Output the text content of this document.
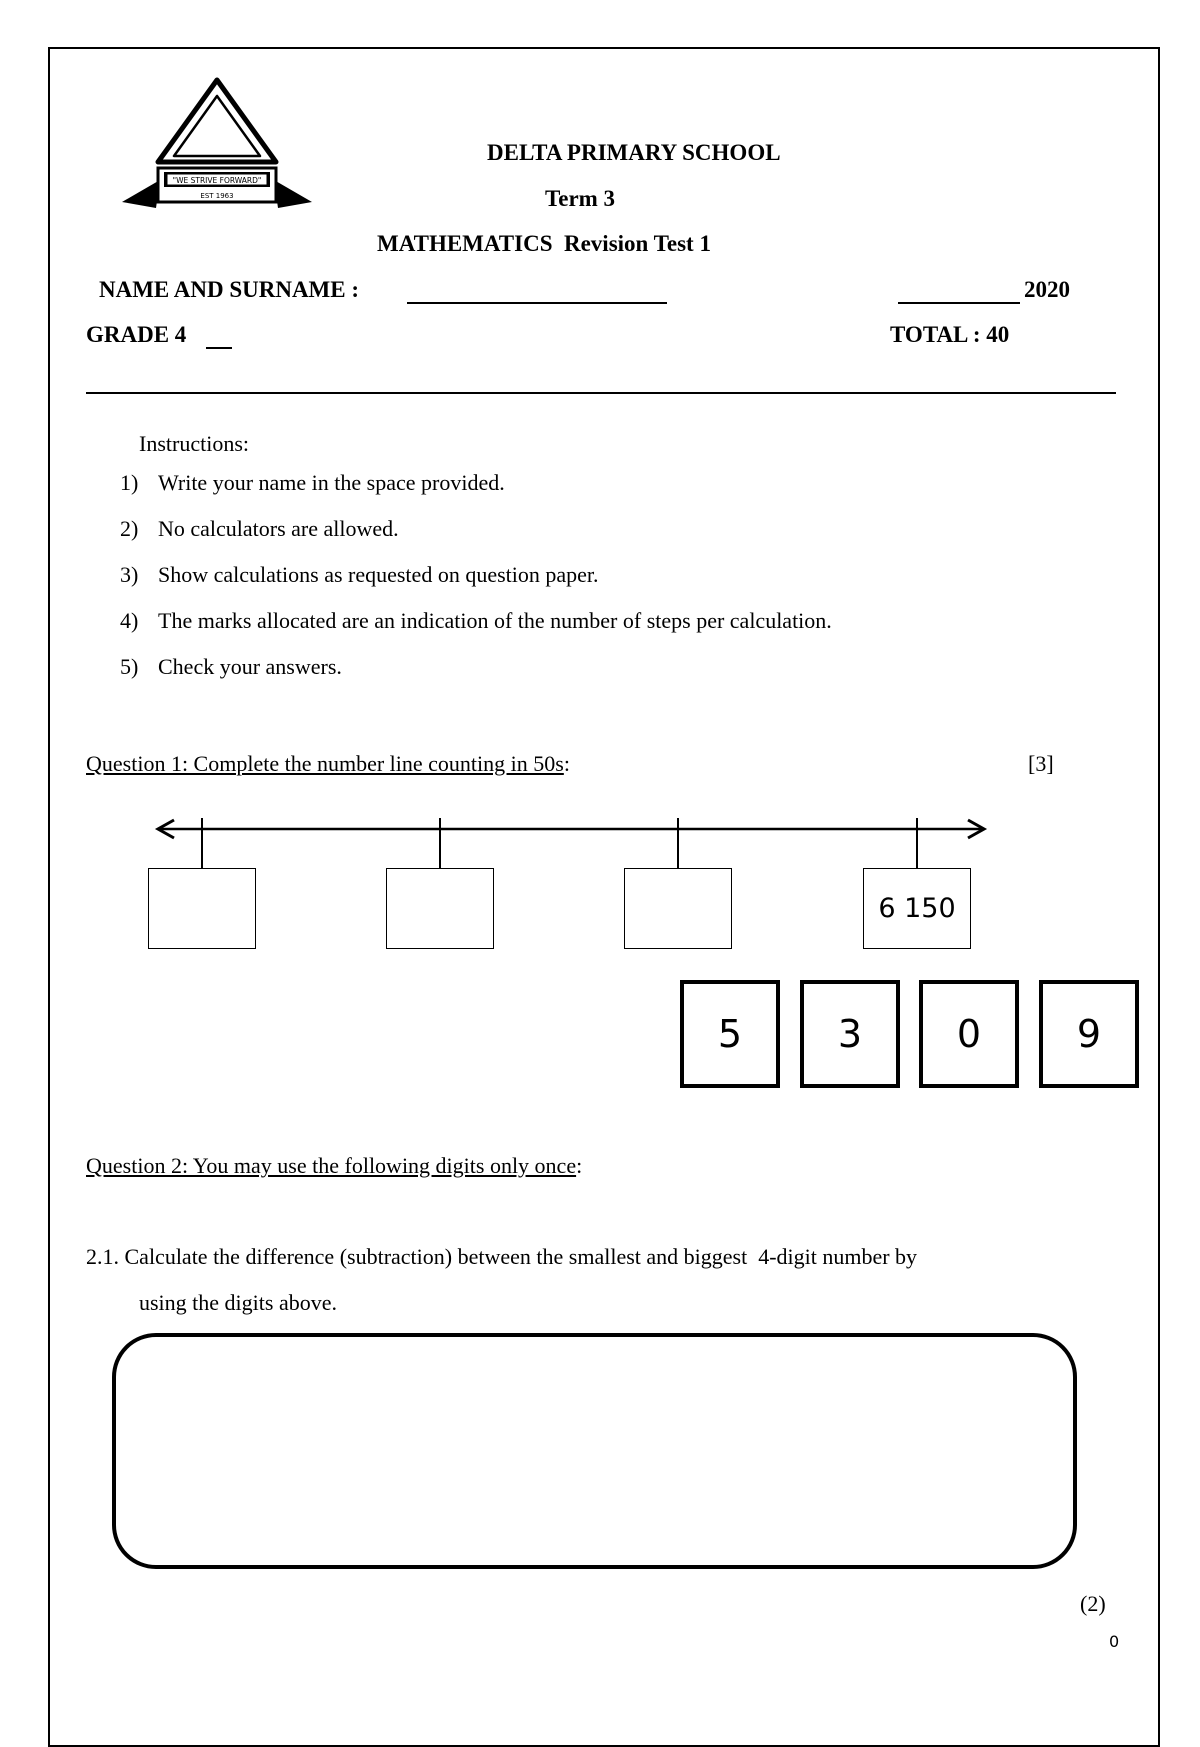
"WE STRIVE FORWARD"
EST 1963
DELTA PRIMARY SCHOOL
Term 3
MATHEMATICS  Revision Test 1
NAME AND SURNAME :	2020
GRADE 4	TOTAL : 40
Instructions:
1) Write your name in the space provided.
2) No calculators are allowed.
3) Show calculations as requested on question paper.
4) The marks allocated are an indication of the number of steps per calculation.
5) Check your answers.
Question 1: Complete the number line counting in 50s:	[3]
6 150
5	3	0	9
Question 2: You may use the following digits only once:
2.1. Calculate the difference (subtraction) between the smallest and biggest  4-digit number by
using the digits above.
(2)
0
